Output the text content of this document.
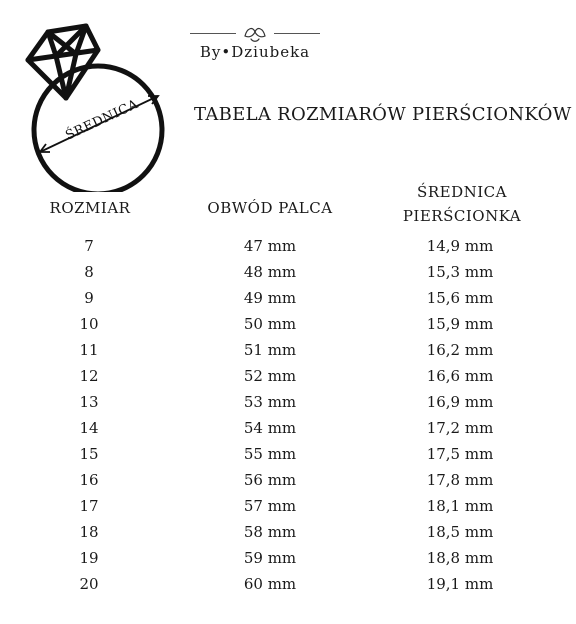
ŚREDNICA
By•Dziubeka
TABELA ROZMIARÓW PIERŚCIONKÓW
ROZMIAR	OBWÓD PALCA
ŚREDNICA
PIERŚCIONKA
7	47 mm	14,9 mm
8	48 mm	15,3 mm
9	49 mm	15,6 mm
10	50 mm	15,9 mm
11	51 mm	16,2 mm
12	52 mm	16,6 mm
13	53 mm	16,9 mm
14	54 mm	17,2 mm
15	55 mm	17,5 mm
16	56 mm	17,8 mm
17	57 mm	18,1 mm
18	58 mm	18,5 mm
19	59 mm	18,8 mm
20	60 mm	19,1 mm
